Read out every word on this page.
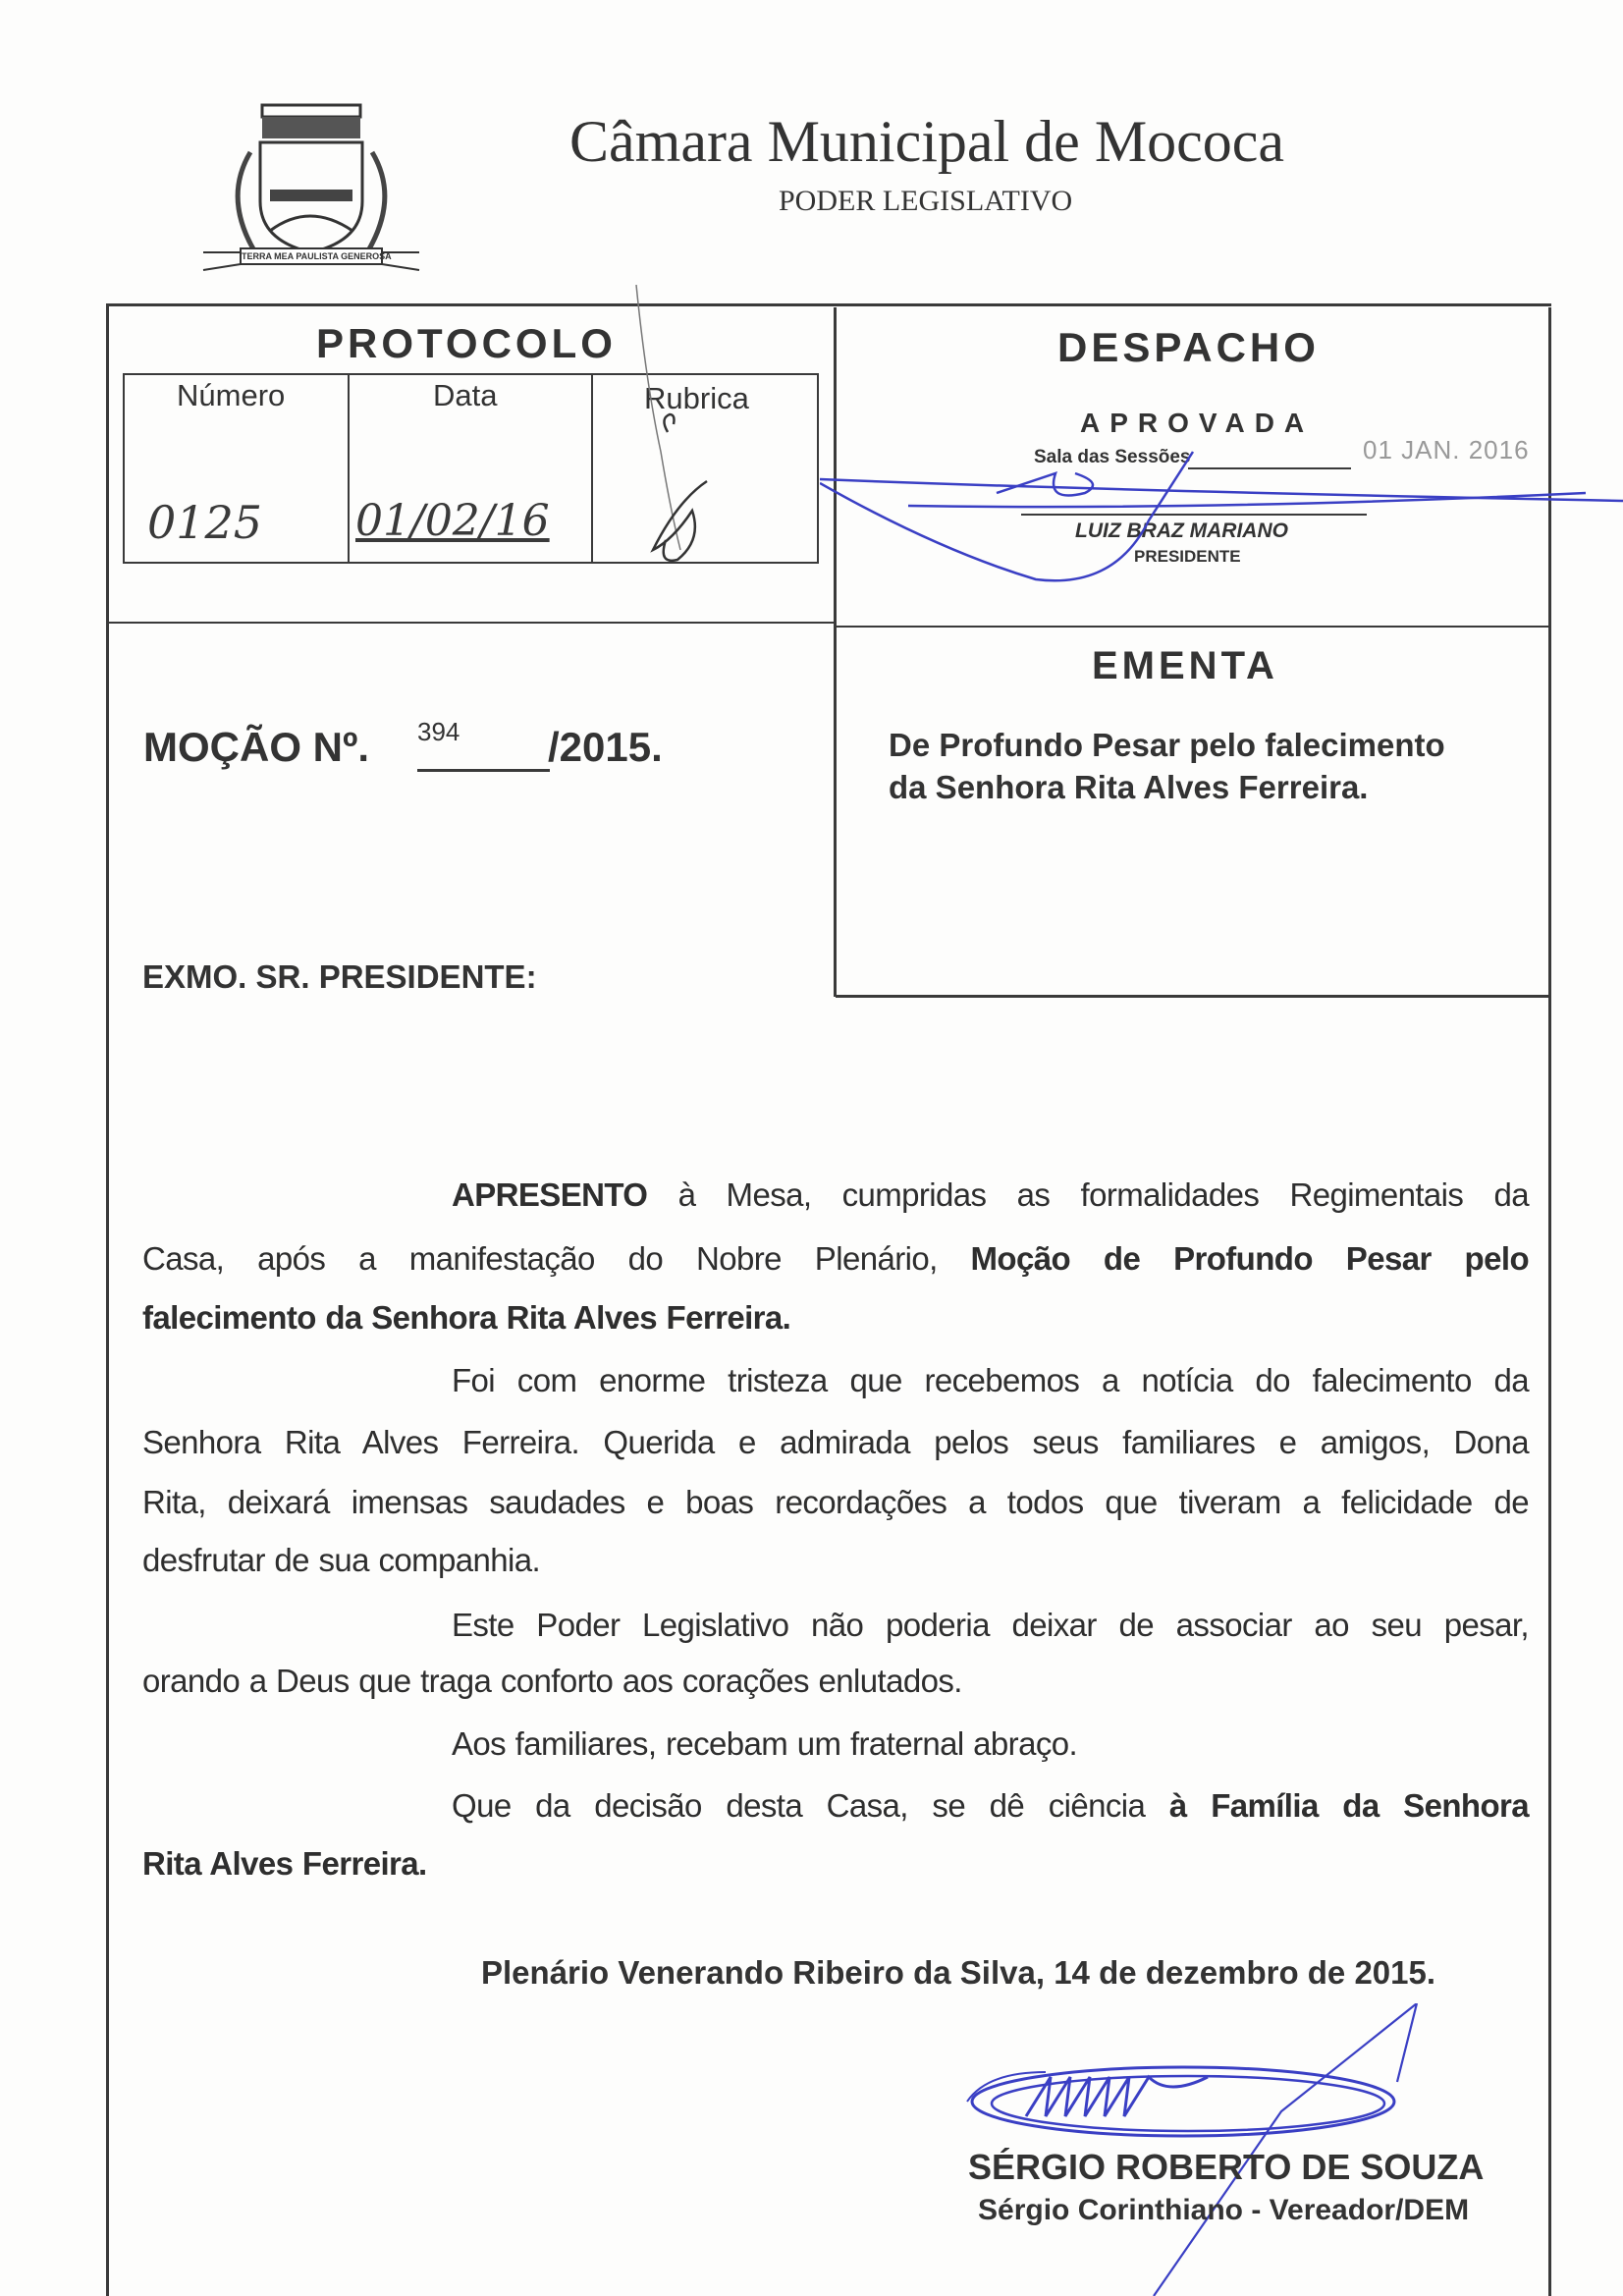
TERRA MEA PAULISTA GENEROSA
Câmara Municipal de Mococa
PODER LEGISLATIVO
PROTOCOLO
Número	Data	Rubrica
0125 01/02/16
DESPACHO
APROVADA
01 JAN. 2016
Sala das Sessões
LUIZ BRAZ MARIANO
PRESIDENTE
EMENTA
De Profundo Pesar pelo falecimento
da Senhora Rita Alves Ferreira.
MOÇÃO Nº. 394 /2015.
EXMO. SR. PRESIDENTE:
APRESENTO à Mesa, cumpridas as formalidades Regimentais da
Casa, após a manifestação do Nobre Plenário, Moção de Profundo Pesar pelo
falecimento da Senhora Rita Alves Ferreira.
Foi com enorme tristeza que recebemos a notícia do falecimento da
Senhora Rita Alves Ferreira. Querida e admirada pelos seus familiares e amigos, Dona
Rita, deixará imensas saudades e boas recordações a todos que tiveram a felicidade de
desfrutar de sua companhia.
Este Poder Legislativo não poderia deixar de associar ao seu pesar,
orando a Deus que traga conforto aos corações enlutados.
Aos familiares, recebam um fraternal abraço.
Que da decisão desta Casa, se dê ciência à Família da Senhora
Rita Alves Ferreira.
Plenário Venerando Ribeiro da Silva, 14 de dezembro de 2015.
SÉRGIO ROBERTO DE SOUZA
Sérgio Corinthiano - Vereador/DEM
